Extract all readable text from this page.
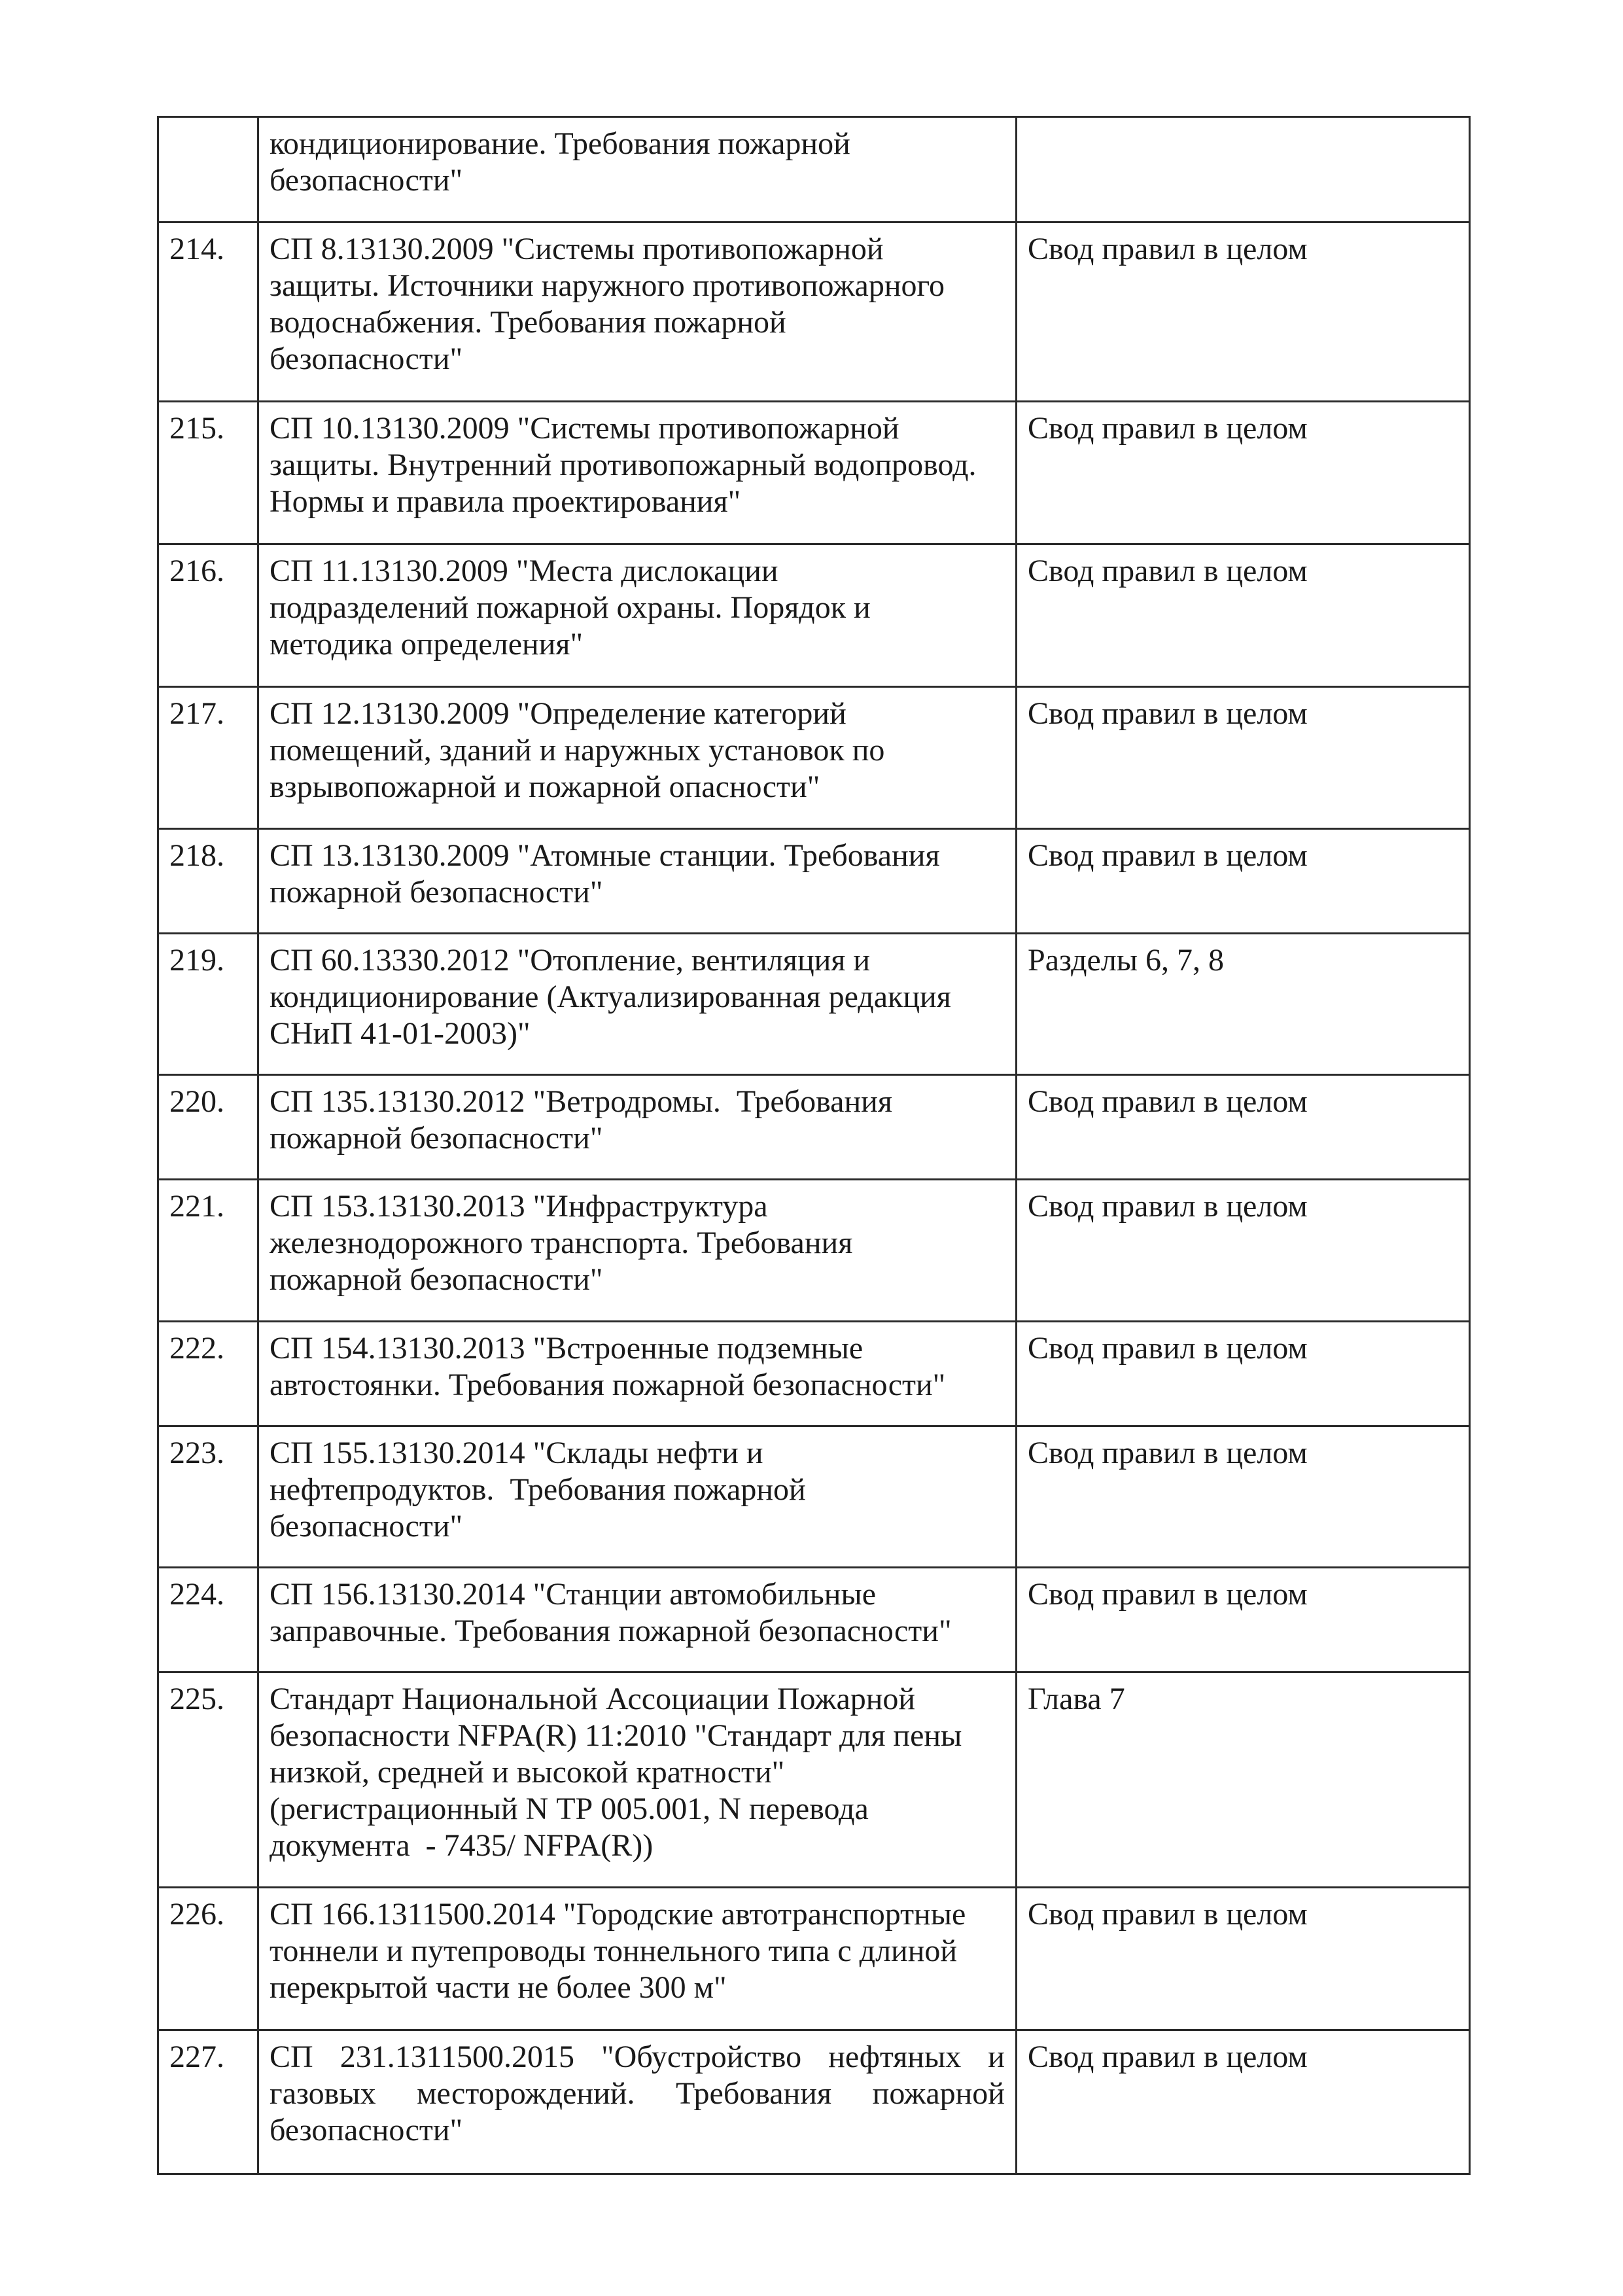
	кондиционирование. Требования пожарной
безопасности"	

214.	СП 8.13130.2009 "Системы противопожарной
защиты. Источники наружного противопожарного
водоснабжения. Требования пожарной
безопасности"	Свод правил в целом
215.	СП 10.13130.2009 "Системы противопожарной
защиты. Внутренний противопожарный водопровод.
Нормы и правила проектирования"	Свод правил в целом
216.	СП 11.13130.2009 "Места дислокации
подразделений пожарной охраны. Порядок и
методика определения"	Свод правил в целом
217.	СП 12.13130.2009 "Определение категорий
помещений, зданий и наружных установок по
взрывопожарной и пожарной опасности"	Свод правил в целом
218.	СП 13.13130.2009 "Атомные станции. Требования
пожарной безопасности"	Свод правил в целом
219.	СП 60.13330.2012 "Отопление, вентиляция и
кондиционирование (Актуализированная редакция
СНиП 41-01-2003)"	Разделы 6, 7, 8
220.	СП 135.13130.2012 "Ветродромы.  Требования
пожарной безопасности"	Свод правил в целом
221.	СП 153.13130.2013 "Инфраструктура
железнодорожного транспорта. Требования
пожарной безопасности"	Свод правил в целом
222.	СП 154.13130.2013 "Встроенные подземные
автостоянки. Требования пожарной безопасности"	Свод правил в целом
223.	СП 155.13130.2014 "Склады нефти и
нефтепродуктов.  Требования пожарной
безопасности"	Свод правил в целом
224.	СП 156.13130.2014 "Станции автомобильные
заправочные. Требования пожарной безопасности"	Свод правил в целом
225.	Стандарт Национальной Ассоциации Пожарной
безопасности NFPA(R) 11:2010 "Стандарт для пены
низкой, средней и высокой кратности"
(регистрационный N ТР 005.001, N перевода
документа  - 7435/ NFPA(R))	Глава 7
226.	СП 166.1311500.2014 "Городские автотранспортные
тоннели и путепроводы тоннельного типа с длиной
перекрытой части не более 300 м"	Свод правил в целом
227.	СП 231.1311500.2015 "Обустройство нефтяных и
газовых месторождений. Требования пожарной
безопасности"	Свод правил в целом
